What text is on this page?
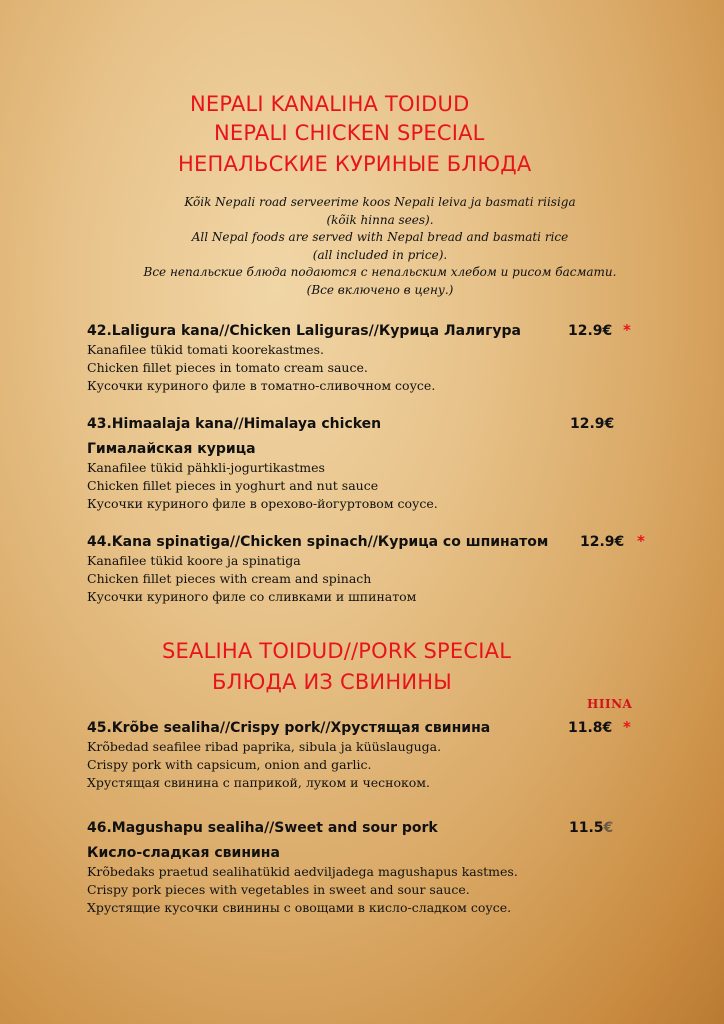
NEPALI KANALIHA TOIDUD
NEPALI CHICKEN SPECIAL
НЕПАЛЬСКИЕ КУРИНЫЕ БЛЮДА
Kõik Nepali road serveerime koos Nepali leiva ja basmati riisiga
(kõik hinna sees).
All Nepal foods are served with Nepal bread and basmati rice
(all included in price).
Все непальские блюда подаются с непальским хлебом и рисом басмати.
(Все включено в цену.)
42.Laligura kana//Chicken Laliguras//Курица Лалигура	12.9€ *
Kanafilee tükid tomati koorekastmes.
Chicken fillet pieces in tomato cream sauce.
Кусочки куриного филе в томатно-сливочном соусе.
43.Himaalaja kana//Himalaya chicken	12.9€
Гималайская курица
Kanafilee tükid pähkli-jogurtikastmes
Chicken fillet pieces in yoghurt and nut sauce
Кусочки куриного филе в орехово-йогуртовом соусе.
44.Kana spinatiga//Chicken spinach//Курица со шпинатом 12.9€ *
Kanafilee tükid koore ja spinatiga
Chicken fillet pieces with cream and spinach
Кусочки куриного филе со сливками и шпинатом
SEALIHA TOIDUD//PORK SPECIAL
БЛЮДА ИЗ СВИНИНЫ
HIINA
45.Krõbe sealiha//Crispy pork//Хрустящая свинина	11.8€ *
Krõbedad seafilee ribad paprika, sibula ja küüslauguga.
Crispy pork with capsicum, onion and garlic.
Хрустящая свинина с паприкой, луком и чесноком.
46.Magushapu sealiha//Sweet and sour pork	11.5€
Кисло-сладкая свинина
Krõbedaks praetud sealihatükid aedviljadega magushapus kastmes.
Crispy pork pieces with vegetables in sweet and sour sauce.
Хрустящие кусочки свинины с овощами в кисло-сладком соусе.
